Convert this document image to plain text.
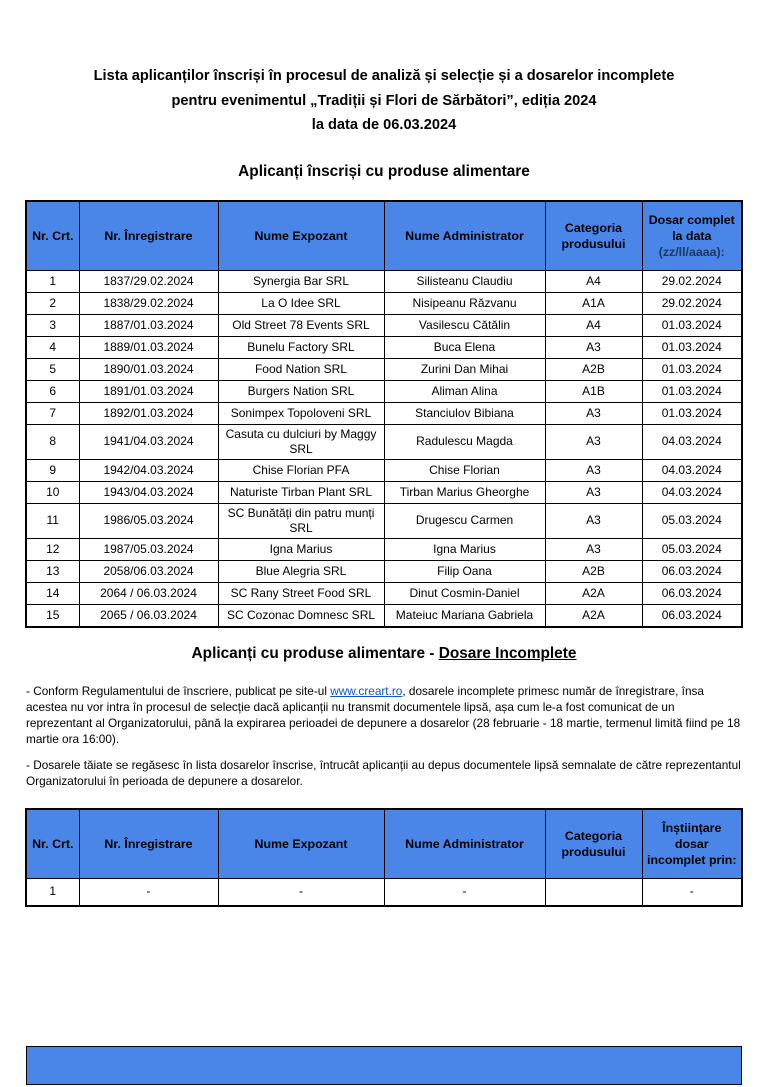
Lista aplicanților înscriși în procesul de analiză și selecție și a dosarelor incomplete
pentru evenimentul „Tradiții și Flori de Sărbători”, ediția 2024
la data de 06.03.2024

Aplicanți înscriși cu produse alimentare

Nr. Crt.	Nr. Înregistrare	Nume Expozant	Nume Administrator	Categoria produsului	Dosar complet la data
(zz/ll/aaaa):

1	1837/29.02.2024	Synergia Bar SRL	Silisteanu Claudiu	A4	29.02.2024
2	1838/29.02.2024	La O Idee SRL	Nisipeanu Răzvanu	A1A	29.02.2024
3	1887/01.03.2024	Old Street 78 Events SRL	Vasilescu Cătălin	A4	01.03.2024
4	1889/01.03.2024	Bunelu Factory SRL	Buca Elena	A3	01.03.2024
5	1890/01.03.2024	Food Nation SRL	Zurini Dan Mihai	A2B	01.03.2024
6	1891/01.03.2024	Burgers Nation SRL	Aliman Alina	A1B	01.03.2024
7	1892/01.03.2024	Sonimpex Topoloveni SRL	Stanciulov Bibiana	A3	01.03.2024
8	1941/04.03.2024	Casuta cu dulciuri by Maggy SRL	Radulescu Magda	A3	04.03.2024
9	1942/04.03.2024	Chise Florian PFA	Chise Florian	A3	04.03.2024
10	1943/04.03.2024	Naturiste Tirban Plant SRL	Tirban Marius Gheorghe	A3	04.03.2024
11	1986/05.03.2024	SC Bunătăți din patru munți SRL	Drugescu Carmen	A3	05.03.2024
12	1987/05.03.2024	Igna Marius	Igna Marius	A3	05.03.2024
13	2058/06.03.2024	Blue Alegria SRL	Filip Oana	A2B	06.03.2024
14	2064 / 06.03.2024	SC Rany Street Food SRL	Dinut Cosmin-Daniel	A2A	06.03.2024
15	2065 / 06.03.2024	SC Cozonac Domnesc SRL	Mateiuc Mariana Gabriela	A2A	06.03.2024

Aplicanți cu produse alimentare - Dosare Incomplete

- Conform Regulamentului de înscriere, publicat pe site-ul www.creart.ro, dosarele incomplete primesc număr de înregistrare, însa acestea nu vor intra în procesul de selecție dacă aplicanții nu transmit documentele lipsă, așa cum le-a fost comunicat de un reprezentant al Organizatorului, până la expirarea perioadei de depunere a dosarelor (28 februarie - 18 martie, termenul limită fiind pe 18 martie ora 16:00).

- Dosarele tăiate se regăsesc în lista dosarelor înscrise, întrucât aplicanții au depus documentele lipsă semnalate de către reprezentantul Organizatorului în perioada de depunere a dosarelor.

Nr. Crt.	Nr. Înregistrare	Nume Expozant	Nume Administrator	Categoria produsului	Înștiințare dosar incomplet prin:
1	-	-	-		-
